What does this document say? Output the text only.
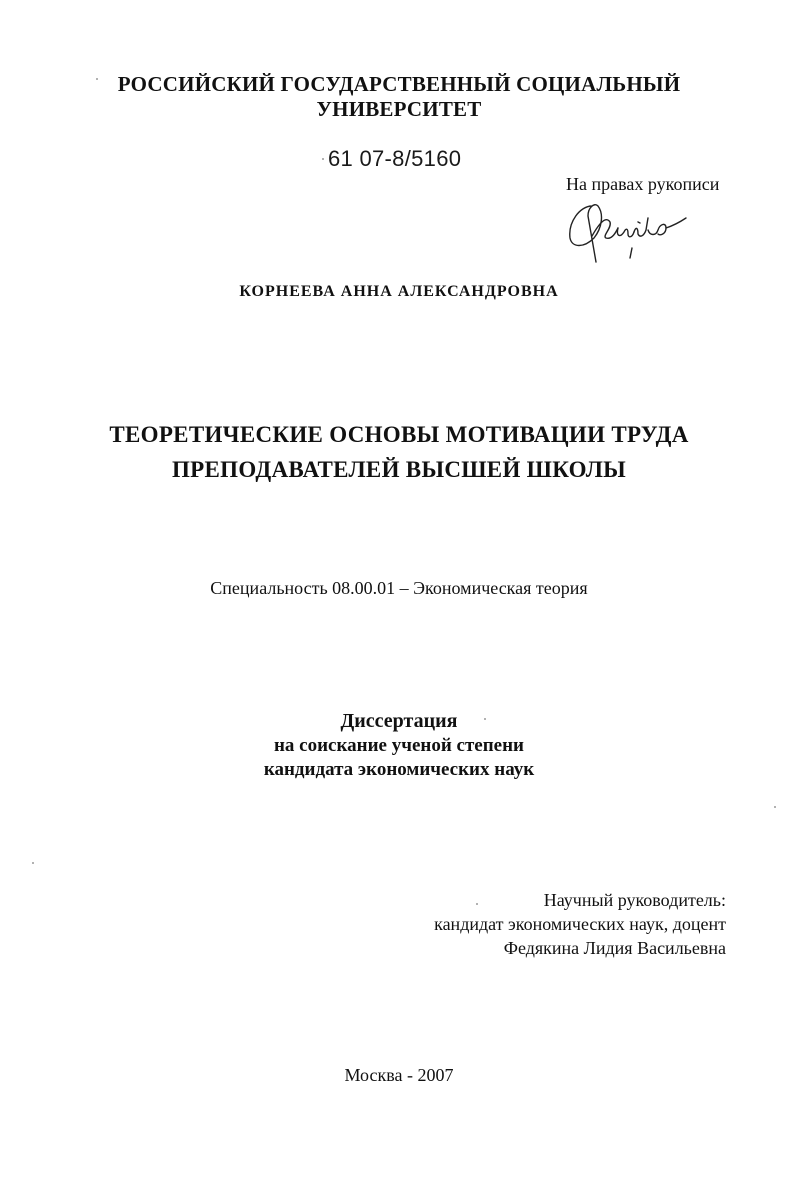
РОССИЙСКИЙ ГОСУДАРСТВЕННЫЙ СОЦИАЛЬНЫЙ
УНИВЕРСИТЕТ
61 07-8/5160
На правах рукописи
КОРНЕЕВА АННА АЛЕКСАНДРОВНА
ТЕОРЕТИЧЕСКИЕ ОСНОВЫ МОТИВАЦИИ ТРУДА
ПРЕПОДАВАТЕЛЕЙ ВЫСШЕЙ ШКОЛЫ
Специальность 08.00.01 – Экономическая теория
Диссертация
на соискание ученой степени
кандидата экономических наук
Научный руководитель:
кандидат экономических наук, доцент
Федякина Лидия Васильевна
Москва - 2007
